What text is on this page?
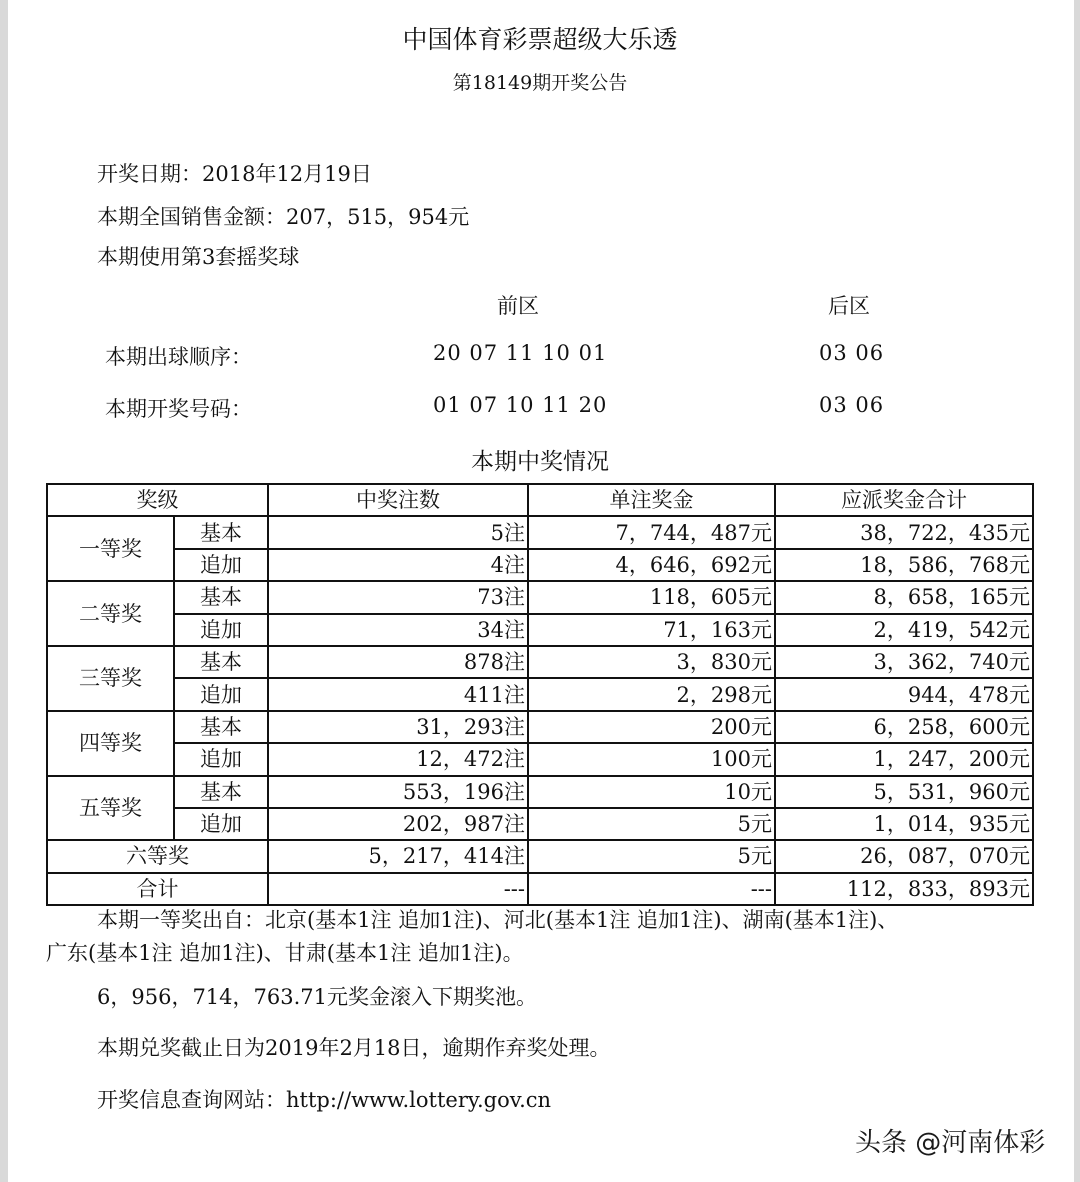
中国体育彩票超级大乐透
第18149期开奖公告
开奖日期：2018年12月19日
本期全国销售金额：207，515，954元
本期使用第3套摇奖球
前区	后区
本期出球顺序：	20 07 11 10 01	03 06
本期开奖号码：	01 07 10 11 20	03 06
本期中奖情况
奖级		中奖注数	单注奖金	应派奖金合计
一等奖	基本	5注	7，744，487元	38，722，435元
	追加	4注	4，646，692元	18，586，768元
二等奖	基本	73注	118，605元	8，658，165元
	追加	34注	71，163元	2，419，542元
三等奖	基本	878注	3，830元	3，362，740元
	追加	411注	2，298元	944，478元
四等奖	基本	31，293注	200元	6，258，600元
	追加	12，472注	100元	1，247，200元
五等奖	基本	553，196注	10元	5，531，960元
	追加	202，987注	5元	1，014，935元
六等奖		5，217，414注	5元	26，087，070元
合计		---	---	112，833，893元
本期一等奖出自：北京(基本1注 追加1注)、河北(基本1注 追加1注)、湖南(基本1注)、
广东(基本1注 追加1注)、甘肃(基本1注 追加1注)。
6，956，714，763.71元奖金滚入下期奖池。
本期兑奖截止日为2019年2月18日，逾期作弃奖处理。
开奖信息查询网站：http://www.lottery.gov.cn
头条 @河南体彩
